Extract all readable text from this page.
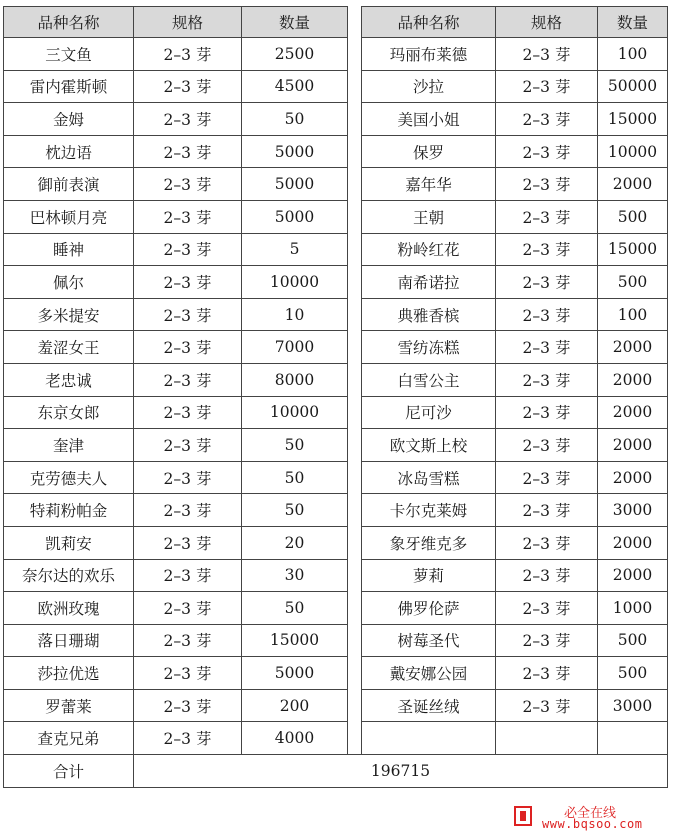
品种名称	规格	数量		品种名称	规格	数量
三文鱼	2–3 芽	2500		玛丽布莱德	2–3 芽	100
雷内霍斯顿	2–3 芽	4500		沙拉	2–3 芽	50000
金姆	2–3 芽	50		美国小姐	2–3 芽	15000
枕边语	2–3 芽	5000		保罗	2–3 芽	10000
御前表演	2–3 芽	5000		嘉年华	2–3 芽	2000
巴林顿月亮	2–3 芽	5000		王朝	2–3 芽	500
睡神	2–3 芽	5		粉岭红花	2–3 芽	15000
佩尔	2–3 芽	10000		南希诺拉	2–3 芽	500
多米提安	2–3 芽	10		典雅香槟	2–3 芽	100
羞涩女王	2–3 芽	7000		雪纺冻糕	2–3 芽	2000
老忠诚	2–3 芽	8000		白雪公主	2–3 芽	2000
东京女郎	2–3 芽	10000		尼可沙	2–3 芽	2000
奎津	2–3 芽	50		欧文斯上校	2–3 芽	2000
克劳德夫人	2–3 芽	50		冰岛雪糕	2–3 芽	2000
特莉粉帕金	2–3 芽	50		卡尔克莱姆	2–3 芽	3000
凯莉安	2–3 芽	20		象牙维克多	2–3 芽	2000
奈尔达的欢乐	2–3 芽	30		萝莉	2–3 芽	2000
欧洲玫瑰	2–3 芽	50		佛罗伦萨	2–3 芽	1000
落日珊瑚	2–3 芽	15000		树莓圣代	2–3 芽	500
莎拉优选	2–3 芽	5000		戴安娜公园	2–3 芽	500
罗蕾莱	2–3 芽	200		圣诞丝绒	2–3 芽	3000
查克兄弟	2–3 芽	4000				
合计	196715					
必全在线
www.bqsoo.com
